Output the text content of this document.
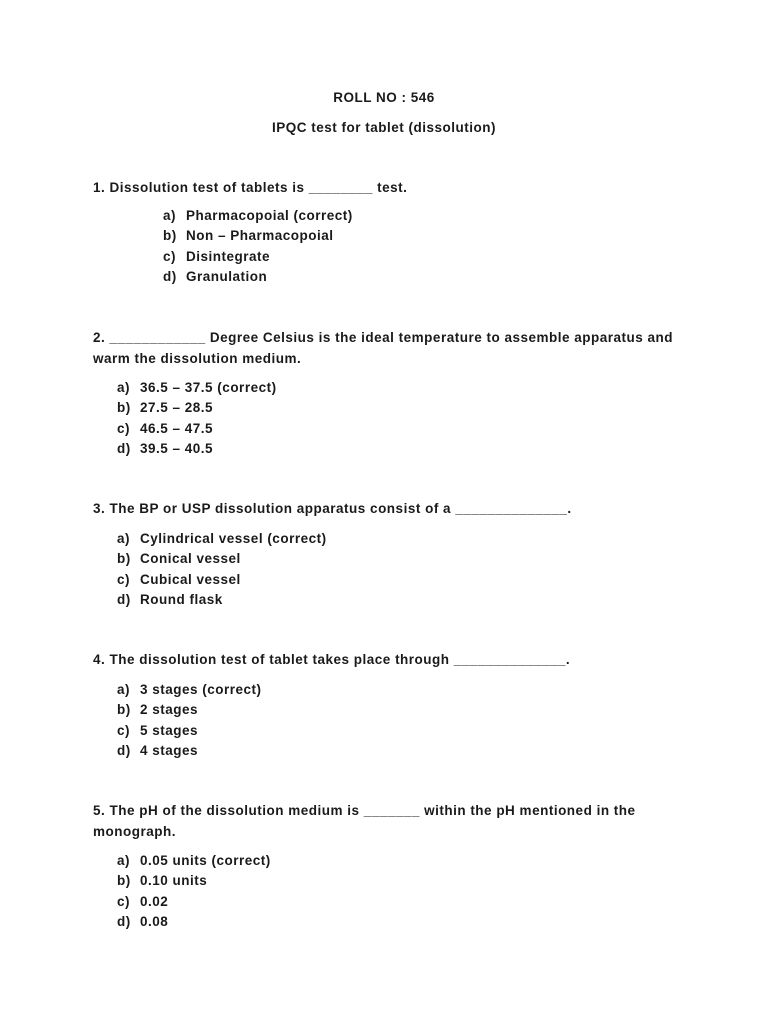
ROLL NO : 546
IPQC test for tablet (dissolution)
1. Dissolution test of tablets is ________ test.
a) Pharmacopoial (correct)
b) Non – Pharmacopoial
c) Disintegrate
d) Granulation
2. ____________ Degree Celsius is the ideal temperature to assemble apparatus and warm the dissolution medium.
a) 36.5 – 37.5 (correct)
b) 27.5 – 28.5
c) 46.5 – 47.5
d) 39.5 – 40.5
3. The BP or USP dissolution apparatus consist of a ______________.
a) Cylindrical vessel (correct)
b) Conical vessel
c) Cubical vessel
d) Round flask
4. The dissolution test of tablet takes place through ______________.
a) 3 stages (correct)
b) 2 stages
c) 5 stages
d) 4 stages
5. The pH of the dissolution medium is _______ within the pH mentioned in the monograph.
a) 0.05 units (correct)
b) 0.10 units
c) 0.02
d) 0.08
